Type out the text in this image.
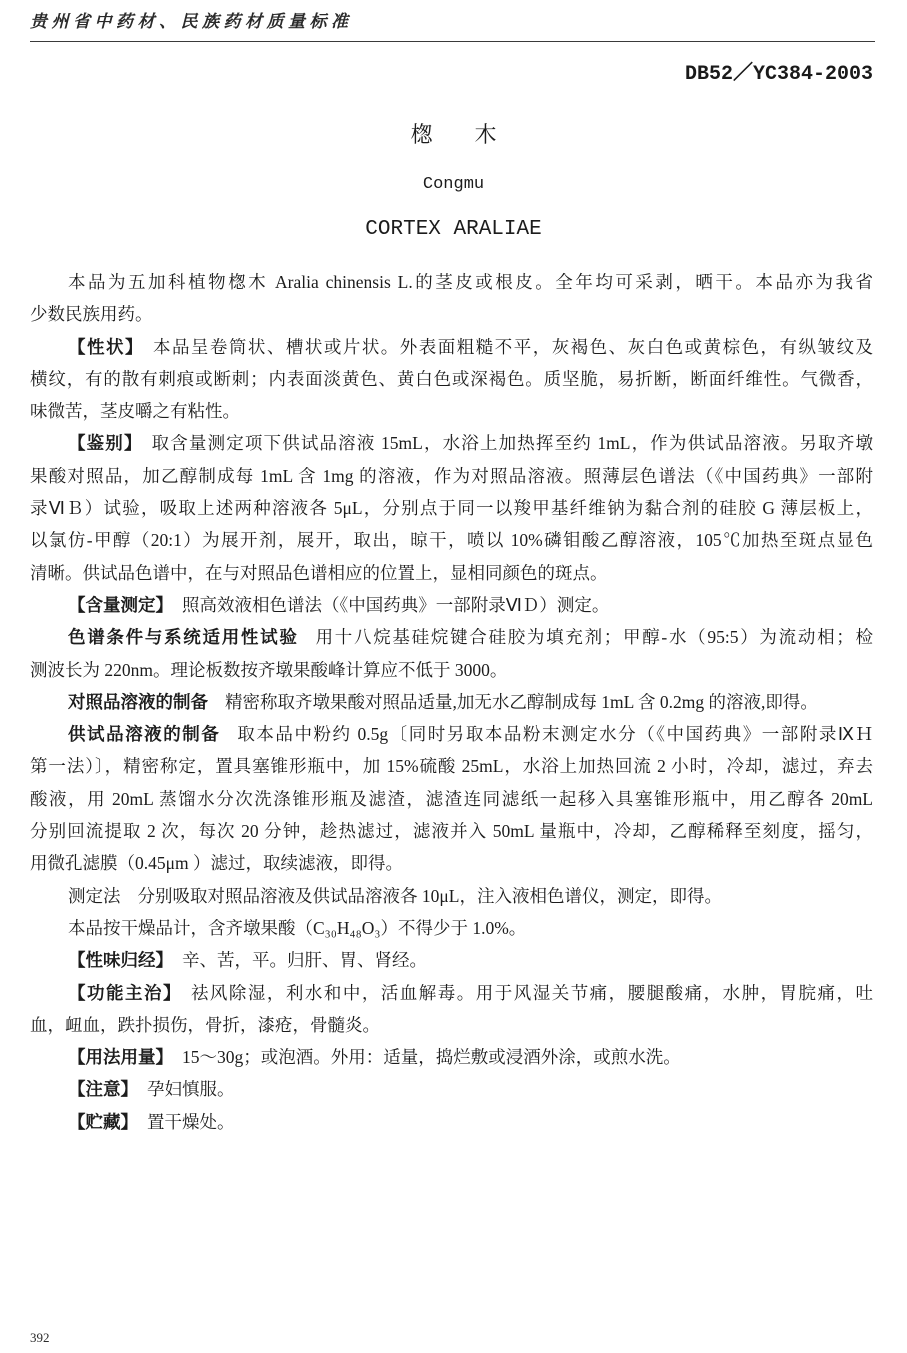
贵州省中药材、民族药材质量标准
DB52／YC384-2003
楤　木
Congmu
CORTEX ARALIAE
本品为五加科植物楤木 Aralia chinensis L.的茎皮或根皮。全年均可采剥，晒干。本品亦为我省
少数民族用药。
【性状】 本品呈卷筒状、槽状或片状。外表面粗糙不平，灰褐色、灰白色或黄棕色，有纵皱纹及
横纹，有的散有刺痕或断刺；内表面淡黄色、黄白色或深褐色。质坚脆，易折断，断面纤维性。气微香，
味微苦，茎皮嚼之有粘性。
【鉴别】 取含量测定项下供试品溶液 15mL，水浴上加热挥至约 1mL，作为供试品溶液。另取齐墩
果酸对照品，加乙醇制成每 1mL 含 1mg 的溶液，作为对照品溶液。照薄层色谱法（《中国药典》一部附
录ⅥＢ）试验，吸取上述两种溶液各 5μL，分别点于同一以羧甲基纤维钠为黏合剂的硅胶 G 薄层板上，
以氯仿-甲醇（20:1）为展开剂，展开，取出，晾干，喷以 10%磷钼酸乙醇溶液，105℃加热至斑点显色
清晰。供试品色谱中，在与对照品色谱相应的位置上，显相同颜色的斑点。
【含量测定】 照高效液相色谱法（《中国药典》一部附录ⅥＤ）测定。
色谱条件与系统适用性试验 用十八烷基硅烷键合硅胶为填充剂；甲醇-水（95:5）为流动相；检
测波长为 220nm。理论板数按齐墩果酸峰计算应不低于 3000。
对照品溶液的制备 精密称取齐墩果酸对照品适量,加无水乙醇制成每 1mL 含 0.2mg 的溶液,即得。
供试品溶液的制备 取本品中粉约 0.5g〔同时另取本品粉末测定水分（《中国药典》一部附录ⅨＨ
第一法）〕，精密称定，置具塞锥形瓶中，加 15%硫酸 25mL，水浴上加热回流 2 小时，冷却，滤过，弃去
酸液，用 20mL 蒸馏水分次洗涤锥形瓶及滤渣，滤渣连同滤纸一起移入具塞锥形瓶中，用乙醇各 20mL
分别回流提取 2 次，每次 20 分钟，趁热滤过，滤液并入 50mL 量瓶中，冷却，乙醇稀释至刻度，摇匀，
用微孔滤膜（0.45μm ）滤过，取续滤液，即得。
测定法 分别吸取对照品溶液及供试品溶液各 10μL，注入液相色谱仪，测定，即得。
本品按干燥品计，含齐墩果酸（C₃₀H₄₈O₃）不得少于 1.0%。
【性味归经】 辛、苦，平。归肝、胃、肾经。
【功能主治】 祛风除湿，利水和中，活血解毒。用于风湿关节痛，腰腿酸痛，水肿，胃脘痛，吐
血，衄血，跌扑损伤，骨折，漆疮，骨髓炎。
【用法用量】 15～30g；或泡酒。外用：适量，捣烂敷或浸酒外涂，或煎水洗。
【注意】 孕妇慎服。
【贮藏】 置干燥处。
392
